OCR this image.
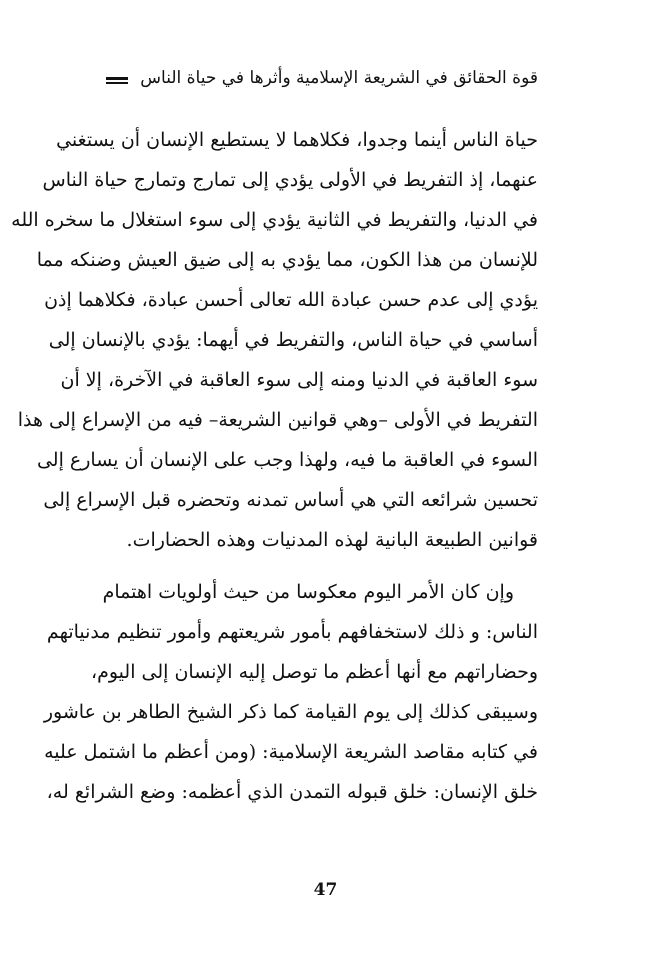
قوة الحقائق في الشريعة الإسلامية وأثرها في حياة الناس
حياة الناس أينما وجدوا، فكلاهما لا يستطيع الإنسان أن يستغني
عنهما، إذ التفريط في الأولى يؤدي إلى تمارج وتمارج حياة الناس
في الدنيا، والتفريط في الثانية يؤدي إلى سوء استغلال ما سخره الله
للإنسان من هذا الكون، مما يؤدي به إلى ضيق العيش وضنكه مما
يؤدي إلى عدم حسن عبادة الله تعالى أحسن عبادة، فكلاهما إذن
أساسي في حياة الناس، والتفريط في أيهما: يؤدي بالإنسان إلى
سوء العاقبة في الدنيا ومنه إلى سوء العاقبة في الآخرة، إلا أن
التفريط في الأولى –وهي قوانين الشريعة– فيه من الإسراع إلى هذا
السوء في العاقبة ما فيه، ولهذا وجب على الإنسان أن يسارع إلى
تحسين شرائعه التي هي أساس تمدنه وتحضره قبل الإسراع إلى
قوانين الطبيعة البانية لهذه المدنيات وهذه الحضارات.
وإن كان الأمر اليوم معكوسا من حيث أولويات اهتمام
الناس: و ذلك لاستخفافهم بأمور شريعتهم وأمور تنظيم مدنياتهم
وحضاراتهم مع أنها أعظم ما توصل إليه الإنسان إلى اليوم،
وسيبقى كذلك إلى يوم القيامة كما ذكر الشيخ الطاهر بن عاشور
في كتابه مقاصد الشريعة الإسلامية: (ومن أعظم ما اشتمل عليه
خلق الإنسان: خلق قبوله التمدن الذي أعظمه: وضع الشرائع له،
47
